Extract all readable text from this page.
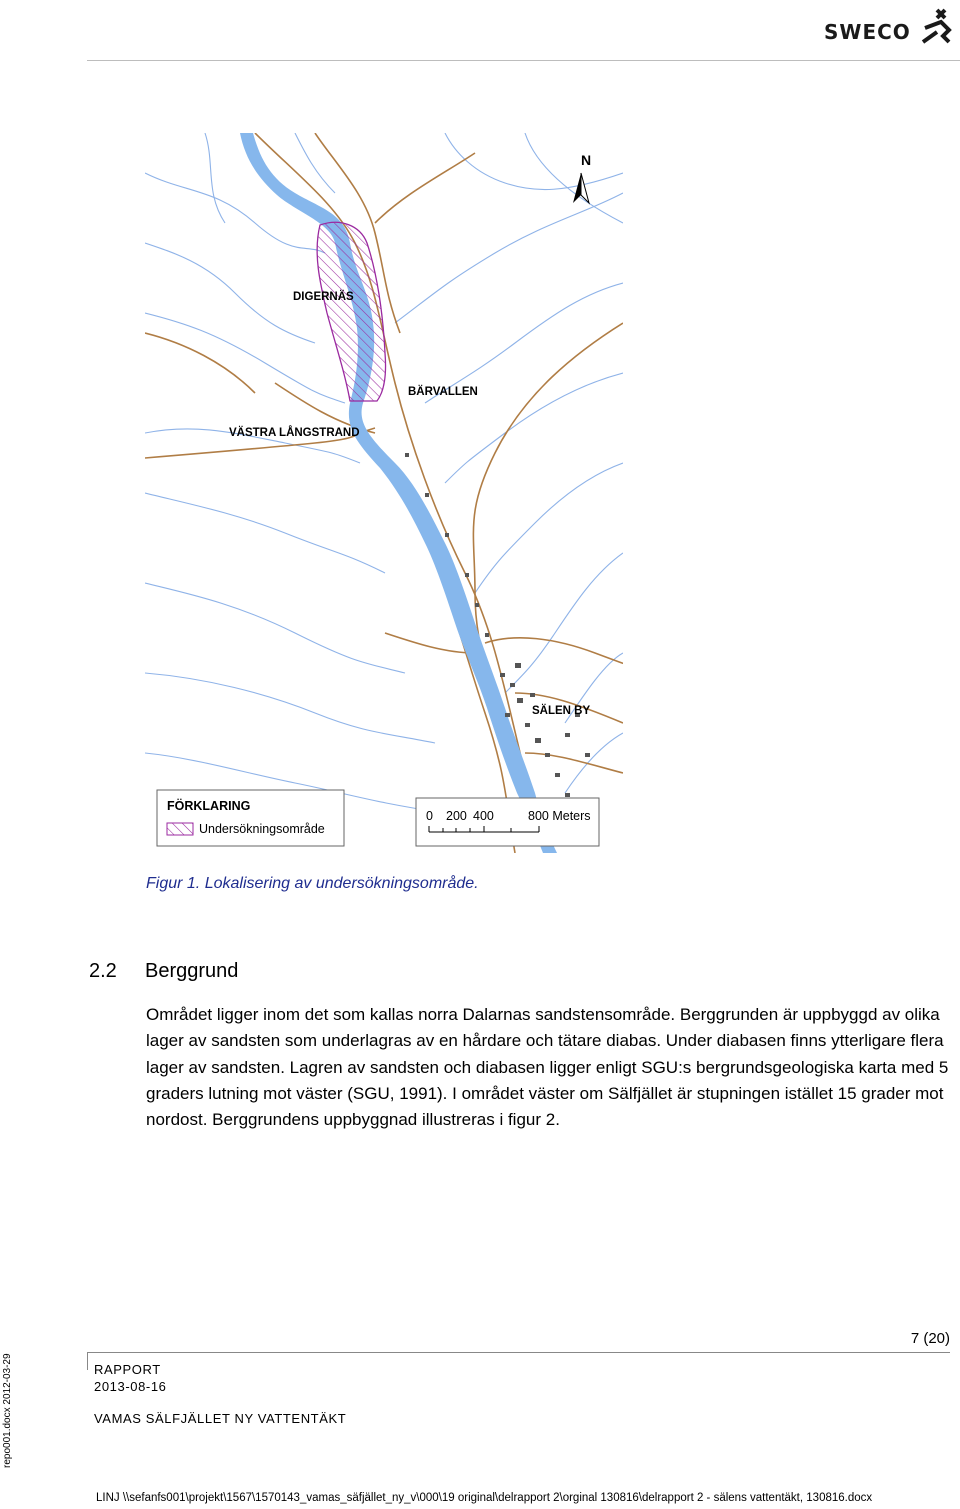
SWECO
N
DIGERNÄS
BÄRVALLEN
VÄSTRA LÅNGSTRAND
SÄLEN BY
FÖRKLARING
Undersökningsområde
0 200 400	800 Meters
Figur 1. Lokalisering av undersökningsområde.
2.2 Berggrund
Området ligger inom det som kallas norra Dalarnas sandstensområde. Berggrunden är uppbyggd av olika lager av sandsten som underlagras av en hårdare och tätare diabas. Under diabasen finns ytterligare flera lager av sandsten. Lagren av sandsten och diabasen ligger enligt SGU:s bergrundsgeologiska karta med 5 graders lutning mot väster (SGU, 1991). I området väster om Sälfjället är stupningen istället 15 grader mot nordost. Berggrundens uppbyggnad illustreras i figur 2.
7 (20)
RAPPORT
2013-08-16
VAMAS SÄLFJÄLLET NY VATTENTÄKT
repo001.docx 2012-03-29
LINJ \\sefanfs001\projekt\1567\1570143_vamas_säfjället_ny_v\000\19 original\delrapport 2\orginal 130816\delrapport 2 - sälens vattentäkt, 130816.docx
